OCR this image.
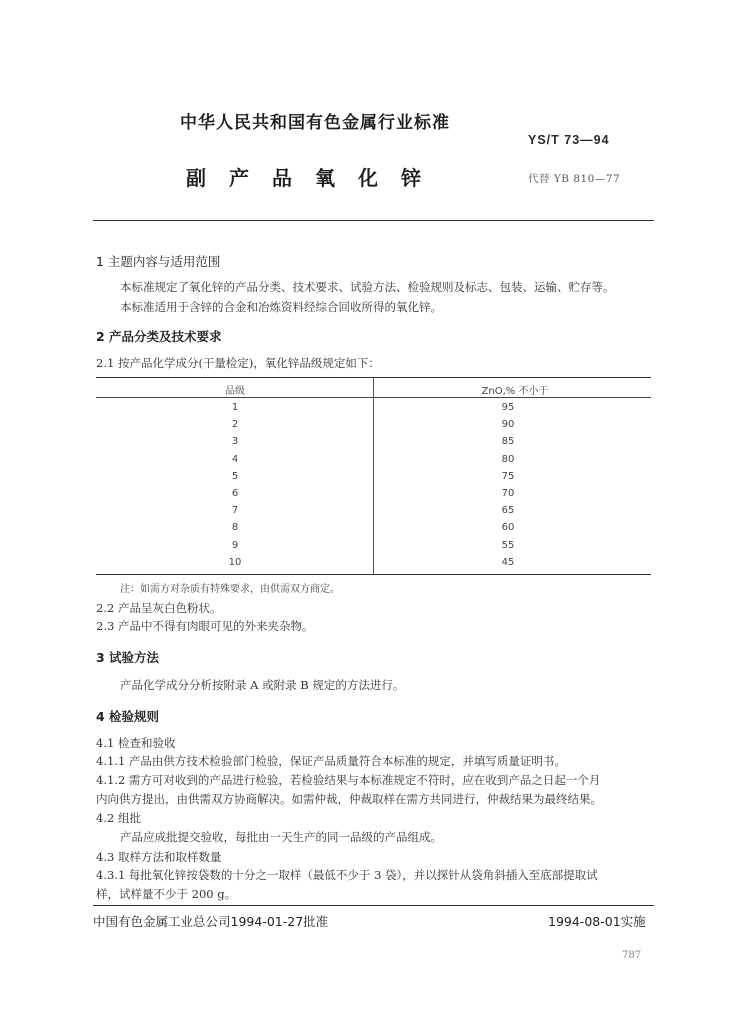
中华人民共和国有色金属行业标准
YS/T 73—94
副产品氧化锌	代替 YB 810—77
1 主题内容与适用范围
本标准规定了氧化锌的产品分类、技术要求、试验方法、检验规则及标志、包装、运输、贮存等。
本标准适用于含锌的合金和冶炼资料经综合回收所得的氧化锌。
2 产品分类及技术要求
2.1 按产品化学成分(干量检定)，氧化锌品级规定如下：
品级	ZnO,% 不小于
1	95
2	90
3	85
4	80
5	75
6	70
7	65
8	60
9	55
10	45
注：如需方对杂质有特殊要求，由供需双方商定。
2.2 产品呈灰白色粉状。
2.3 产品中不得有肉眼可见的外来夹杂物。
3 试验方法
产品化学成分分析按附录 A 或附录 B 规定的方法进行。
4 检验规则
4.1 检查和验收
4.1.1 产品由供方技术检验部门检验，保证产品质量符合本标准的规定，并填写质量证明书。
4.1.2 需方可对收到的产品进行检验，若检验结果与本标准规定不符时，应在收到产品之日起一个月
内向供方提出，由供需双方协商解决。如需仲裁，仲裁取样在需方共同进行，仲裁结果为最终结果。
4.2 组批
产品应成批提交验收，每批由一天生产的同一品级的产品组成。
4.3 取样方法和取样数量
4.3.1 每批氧化锌按袋数的十分之一取样（最低不少于 3 袋），并以探针从袋角斜插入至底部提取试
样，试样量不少于 200 g。
中国有色金属工业总公司1994-01-27批准	1994-08-01实施
787
